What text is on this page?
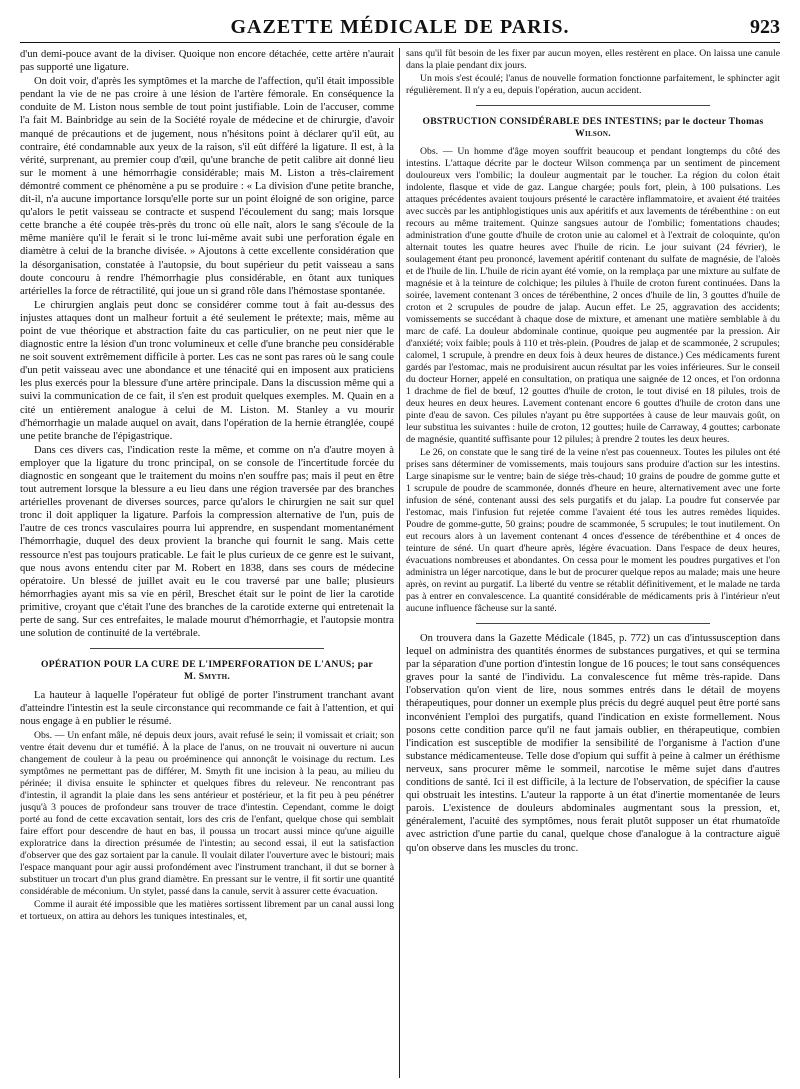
GAZETTE MÉDICALE DE PARIS.	923

d'un demi-pouce avant de la diviser. Quoique non encore détachée, cette artère n'aurait pas supporté une ligature.

On doit voir, d'après les symptômes et la marche de l'affection, qu'il était impossible pendant la vie de ne pas croire à une lésion de l'artère fémorale. En conséquence la conduite de M. Liston nous semble de tout point justifiable. Loin de l'accuser, comme l'a fait M. Bainbridge au sein de la Société royale de médecine et de chirurgie, d'avoir manqué de précautions et de jugement, nous n'hésitons point à déclarer qu'il eût, au contraire, été condamnable aux yeux de la raison, s'il eût différé la ligature. Il est, à la vérité, surprenant, au premier coup d'œil, qu'une branche de petit calibre ait donné lieu sur le moment à une hémorrhagie considérable; mais M. Liston a très-clairement démontré comment ce phénomène a pu se produire : « La division d'une petite branche, dit-il, n'a aucune importance lorsqu'elle porte sur un point éloigné de son origine, parce qu'alors le petit vaisseau se contracte et suspend l'écoulement du sang; mais lorsque cette branche a été coupée très-près du tronc où elle naît, alors le sang s'écoule de la même manière qu'il le ferait si le tronc lui-même avait subi une perforation égale en diamètre à celui de la branche divisée. » Ajoutons à cette excellente considération que la désorganisation, constatée à l'autopsie, du bout supérieur du petit vaisseau a sans doute concouru à rendre l'hémorrhagie plus considérable, en ôtant aux tuniques artérielles la force de rétractilité, qui joue un si grand rôle dans l'hémostase spontanée.

Le chirurgien anglais peut donc se considérer comme tout à fait au-dessus des injustes attaques dont un malheur fortuit a été seulement le prétexte; mais, même au point de vue théorique et abstraction faite du cas particulier, on ne peut nier que le diagnostic entre la lésion d'un tronc volumineux et celle d'une branche peu considérable ne soit souvent extrêmement difficile à porter. Les cas ne sont pas rares où le sang coule d'un petit vaisseau avec une abondance et une ténacité qui en imposent aux praticiens les plus exercés pour la blessure d'une artère principale. Dans la discussion même qui a suivi la communication de ce fait, il s'en est produit quelques exemples. M. Quain en a cité un entièrement analogue à celui de M. Liston. M. Stanley a vu mourir d'hémorrhagie un malade auquel on avait, dans l'opération de la hernie étranglée, coupé une petite branche de l'épigastrique.

Dans ces divers cas, l'indication reste la même, et comme on n'a d'autre moyen à employer que la ligature du tronc principal, on se console de l'incertitude forcée du diagnostic en songeant que le traitement du moins n'en souffre pas; mais il peut en être tout autrement lorsque la blessure a eu lieu dans une région traversée par des branches artérielles provenant de diverses sources, parce qu'alors le chirurgien ne sait sur quel tronc il doit appliquer la ligature. Parfois la compression alternative de l'un, puis de l'autre de ces troncs vasculaires pourra lui apprendre, en suspendant momentanément l'hémorrhagie, duquel des deux provient la branche qui fournit le sang. Mais cette ressource n'est pas toujours praticable. Le fait le plus curieux de ce genre est le suivant, que nous avons entendu citer par M. Robert en 1838, dans ses cours de médecine opératoire. Un blessé de juillet avait eu le cou traversé par une balle; plusieurs hémorrhagies ayant mis sa vie en péril, Breschet était sur le point de lier la carotide primitive, croyant que c'était l'une des branches de la carotide externe qui entretenait la perte de sang. Sur ces entrefaites, le malade mourut d'hémorrhagie, et l'autopsie montra une solution de continuité de la vertébrale.

OPÉRATION POUR LA CURE DE L'IMPERFORATION DE L'ANUS; par
M. Smyth.

La hauteur à laquelle l'opérateur fut obligé de porter l'instrument tranchant avant d'atteindre l'intestin est la seule circonstance qui recommande ce fait à l'attention, et qui nous engage à en publier le résumé.

Obs. — Un enfant mâle, né depuis deux jours, avait refusé le sein; il vomissait et criait; son ventre était devenu dur et tuméfié. À la place de l'anus, on ne trouvait ni ouverture ni aucun changement de couleur à la peau ou proéminence qui annonçât le voisinage du rectum. Les symptômes ne permettant pas de différer, M. Smyth fit une incision à la peau, au milieu du périnée; il divisa ensuite le sphincter et quelques fibres du releveur. Ne rencontrant pas d'intestin, il agrandit la plaie dans les sens antérieur et postérieur, et la fit peu à peu pénétrer jusqu'à 3 pouces de profondeur sans trouver de trace d'intestin. Cependant, comme le doigt porté au fond de cette excavation sentait, lors des cris de l'enfant, quelque chose qui semblait faire effort pour descendre de haut en bas, il poussa un trocart aussi mince qu'une aiguille exploratrice dans la direction présumée de l'intestin; au second essai, il eut la satisfaction d'observer que des gaz sortaient par la canule. Il voulait dilater l'ouverture avec le bistouri; mais l'espace manquant pour agir aussi profondément avec l'instrument tranchant, il dut se borner à substituer un trocart d'un plus grand diamètre. En pressant sur le ventre, il fit sortir une quantité considérable de méconium. Un stylet, passé dans la canule, servit à assurer cette évacuation.

Comme il aurait été impossible que les matières sortissent librement par un canal aussi long et tortueux, on attira au dehors les tuniques intestinales, et,

sans qu'il fût besoin de les fixer par aucun moyen, elles restèrent en place. On laissa une canule dans la plaie pendant dix jours.

Un mois s'est écoulé; l'anus de nouvelle formation fonctionne parfaitement, le sphincter agit régulièrement. Il n'y a eu, depuis l'opération, aucun accident.

OBSTRUCTION CONSIDÉRABLE DES INTESTINS; par le docteur Thomas
Wilson.

Obs. — Un homme d'âge moyen souffrit beaucoup et pendant longtemps du côté des intestins. L'attaque décrite par le docteur Wilson commença par un sentiment de pincement douloureux vers l'ombilic; la douleur augmentait par le toucher. La région du colon était indolente, flasque et vide de gaz. Langue chargée; pouls fort, plein, à 100 pulsations. Les attaques précédentes avaient toujours présenté le caractère inflammatoire, et avaient été traitées avec succès par les antiphlogistiques unis aux apéritifs et aux lavements de térébenthine : on eut recours au même traitement. Quinze sangsues autour de l'ombilic; fomentations chaudes; administration d'une goutte d'huile de croton unie au calomel et à l'extrait de coloquinte, qu'on alternait toutes les quatre heures avec l'huile de ricin. Le jour suivant (24 février), le soulagement étant peu prononcé, lavement apéritif contenant du sulfate de magnésie, de l'aloès et de l'huile de lin. L'huile de ricin ayant été vomie, on la remplaça par une mixture au sulfate de magnésie et à la teinture de colchique; les pilules à l'huile de croton furent continuées. Dans la soirée, lavement contenant 3 onces de térébenthine, 2 onces d'huile de lin, 3 gouttes d'huile de croton et 2 scrupules de poudre de jalap. Aucun effet. Le 25, aggravation des accidents; vomissements se succédant à chaque dose de mixture, et amenant une matière semblable à du marc de café. La douleur abdominale continue, quoique peu augmentée par la pression. Air d'anxiété; voix faible; pouls à 110 et très-plein. (Poudres de jalap et de scammonée, 2 scrupules; calomel, 1 scrupule, à prendre en deux fois à deux heures de distance.) Ces médicaments furent gardés par l'estomac, mais ne produisirent aucun résultat par les voies inférieures. Sur le conseil du docteur Horner, appelé en consultation, on pratiqua une saignée de 12 onces, et l'on ordonna 1 drachme de fiel de bœuf, 12 gouttes d'huile de croton, le tout divisé en 18 pilules, trois de deux heures en deux heures. Lavement contenant encore 6 gouttes d'huile de croton dans une pinte d'eau de savon. Ces pilules n'ayant pu être supportées à cause de leur mauvais goût, on leur substitua les suivantes : huile de croton, 12 gouttes; huile de Carraway, 4 gouttes; carbonate de magnésie, quantité suffisante pour 12 pilules; à prendre 2 toutes les deux heures.

Le 26, on constate que le sang tiré de la veine n'est pas couenneux. Toutes les pilules ont été prises sans déterminer de vomissements, mais toujours sans produire d'action sur les intestins. Large sinapisme sur le ventre; bain de siége très-chaud; 10 grains de poudre de gomme gutte et 1 scrupule de poudre de scammonée, donnés d'heure en heure, alternativement avec une forte infusion de séné, contenant aussi des sels purgatifs et du jalap. La poudre fut conservée par l'estomac, mais l'infusion fut rejetée comme l'avaient été tous les autres remèdes liquides. Poudre de gomme-gutte, 50 grains; poudre de scammonée, 5 scrupules; le tout inutilement. On eut recours alors à un lavement contenant 4 onces d'essence de térébenthine et 4 onces de teinture de séné. Un quart d'heure après, légère évacuation. Dans l'espace de deux heures, évacuations nombreuses et abondantes. On cessa pour le moment les poudres purgatives et l'on administra un léger narcotique, dans le but de procurer quelque repos au malade; mais une heure après, on revint au purgatif. La liberté du ventre se rétablit définitivement, et le malade ne tarda pas à entrer en convalescence. La quantité considérable de médicaments pris à l'intérieur n'eut aucune influence fâcheuse sur la santé.

On trouvera dans la Gazette Médicale (1845, p. 772) un cas d'intussusception dans lequel on administra des quantités énormes de substances purgatives, et qui se termina par la séparation d'une portion d'intestin longue de 16 pouces; le tout sans conséquences graves pour la santé de l'individu. La convalescence fut même très-rapide. Dans l'observation qu'on vient de lire, nous sommes entrés dans le détail de moyens thérapeutiques, pour donner un exemple plus précis du degré auquel peut être porté sans inconvénient l'emploi des purgatifs, quand l'indication en existe formellement. Nous posons cette condition parce qu'il ne faut jamais oublier, en thérapeutique, combien l'indication est susceptible de modifier la sensibilité de l'organisme à l'action d'une substance médicamenteuse. Telle dose d'opium qui suffit à peine à calmer un éréthisme nerveux, sans procurer même le sommeil, narcotise le même sujet dans d'autres conditions de santé. Ici il est difficile, à la lecture de l'observation, de spécifier la cause qui obstruait les intestins. L'auteur la rapporte à un état d'inertie momentanée de leurs parois. L'existence de douleurs abdominales augmentant sous la pression, et, généralement, l'acuité des symptômes, nous ferait plutôt supposer un état rhumatoïde avec astriction d'une partie du canal, quelque chose d'analogue à la contracture aiguë qu'on observe dans les muscles du tronc.
